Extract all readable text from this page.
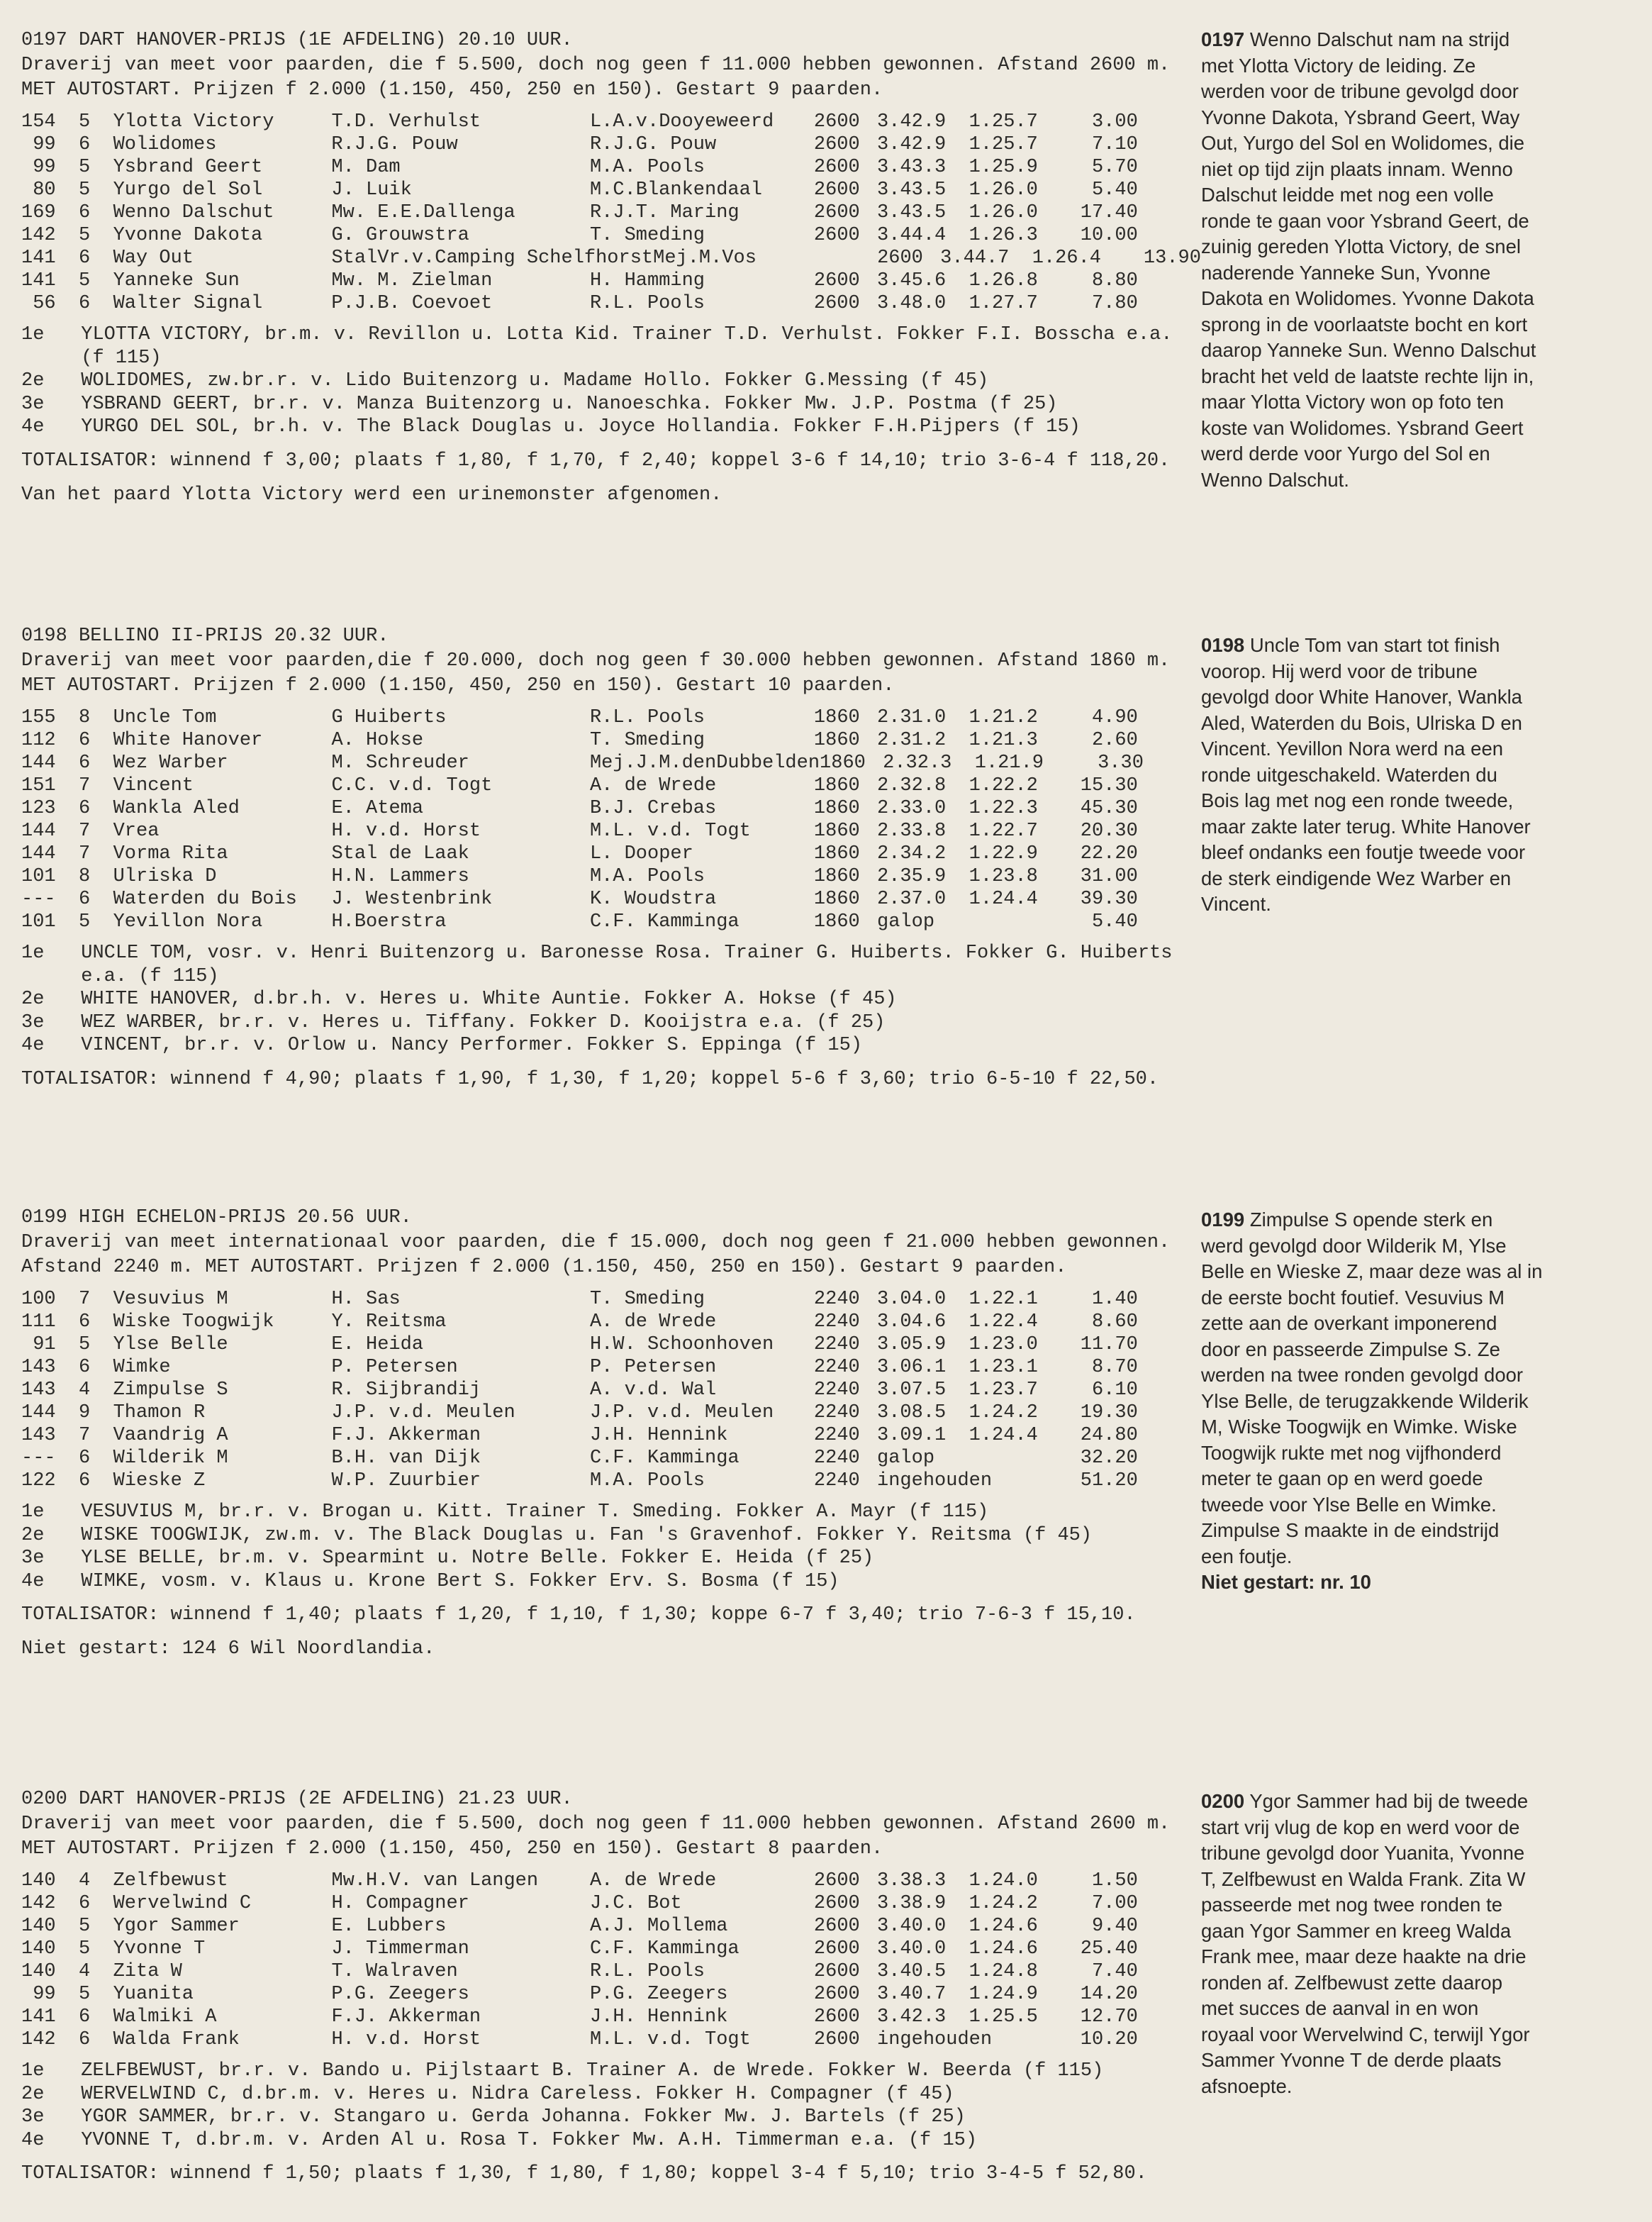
0197 DART HANOVER-PRIJS (1E AFDELING) 20.10 UUR.
Draverij van meet voor paarden, die f 5.500, doch nog geen f 11.000 hebben gewonnen. Afstand 2600 m.
MET AUTOSTART. Prijzen f 2.000 (1.150, 450, 250 en 150). Gestart 9 paarden.
154 5	Ylotta Victory	T.D. Verhulst	L.A.v.Dooyeweerd	2600 3.42.9	1.25.7	3.00
99 6	Wolidomes	R.J.G. Pouw	R.J.G. Pouw	2600 3.42.9	1.25.7	7.10
99 5	Ysbrand Geert	M. Dam	M.A. Pools	2600 3.43.3	1.25.9	5.70
80 5	Yurgo del Sol	J. Luik	M.C.Blankendaal	2600 3.43.5	1.26.0	5.40
169 6	Wenno Dalschut	Mw. E.E.Dallenga	R.J.T. Maring	2600 3.43.5	1.26.0	17.40
142 5	Yvonne Dakota	G. Grouwstra	T. Smeding	2600 3.44.4	1.26.3	10.00
141 6	Way Out	StalVr.v.Camping Schelfhorst Mej.M.Vos	2600 3.44.7	1.26.4	13.90
141 5	Yanneke Sun	Mw. M. Zielman	H. Hamming	2600 3.45.6	1.26.8	8.80
56 6	Walter Signal	P.J.B. Coevoet	R.L. Pools	2600 3.48.0	1.27.7	7.80
1e	YLOTTA VICTORY, br.m. v. Revillon u. Lotta Kid. Trainer T.D. Verhulst. Fokker F.I. Bosscha e.a.
(f 115)
2e	WOLIDOMES, zw.br.r. v. Lido Buitenzorg u. Madame Hollo. Fokker G.Messing (f 45)
3e	YSBRAND GEERT, br.r. v. Manza Buitenzorg u. Nanoeschka. Fokker Mw. J.P. Postma (f 25)
4e	YURGO DEL SOL, br.h. v. The Black Douglas u. Joyce Hollandia. Fokker F.H.Pijpers (f 15)
TOTALISATOR: winnend f 3,00; plaats f 1,80, f 1,70, f 2,40; koppel 3-6 f 14,10; trio 3-6-4 f 118,20.
Van het paard Ylotta Victory werd een urinemonster afgenomen.
0197 Wenno Dalschut nam na strijd
met Ylotta Victory de leiding. Ze
werden voor de tribune gevolgd door
Yvonne Dakota, Ysbrand Geert, Way
Out, Yurgo del Sol en Wolidomes, die
niet op tijd zijn plaats innam. Wenno
Dalschut leidde met nog een volle
ronde te gaan voor Ysbrand Geert, de
zuinig gereden Ylotta Victory, de snel
naderende Yanneke Sun, Yvonne
Dakota en Wolidomes. Yvonne Dakota
sprong in de voorlaatste bocht en kort
daarop Yanneke Sun. Wenno Dalschut
bracht het veld de laatste rechte lijn in,
maar Ylotta Victory won op foto ten
koste van Wolidomes. Ysbrand Geert
werd derde voor Yurgo del Sol en
Wenno Dalschut.
0198 BELLINO II-PRIJS 20.32 UUR.
Draverij van meet voor paarden,die f 20.000, doch nog geen f 30.000 hebben gewonnen. Afstand 1860 m.
MET AUTOSTART. Prijzen f 2.000 (1.150, 450, 250 en 150). Gestart 10 paarden.
155 8	Uncle Tom	G Huiberts	R.L. Pools	1860 2.31.0	1.21.2	4.90
112 6	White Hanover	A. Hokse	T. Smeding	1860 2.31.2	1.21.3	2.60
144 6	Wez Warber	M. Schreuder	Mej.J.M.denDubbelden 1860 2.32.3	1.21.9	3.30
151 7	Vincent	C.C. v.d. Togt	A. de Wrede	1860 2.32.8	1.22.2	15.30
123 6	Wankla Aled	E. Atema	B.J. Crebas	1860 2.33.0	1.22.3	45.30
144 7	Vrea	H. v.d. Horst	M.L. v.d. Togt	1860 2.33.8	1.22.7	20.30
144 7	Vorma Rita	Stal de Laak	L. Dooper	1860 2.34.2	1.22.9	22.20
101 8	Ulriska D	H.N. Lammers	M.A. Pools	1860 2.35.9	1.23.8	31.00
--- 6	Waterden du Bois	J. Westenbrink	K. Woudstra	1860 2.37.0	1.24.4	39.30
101 5	Yevillon Nora	H.Boerstra	C.F. Kamminga	1860 galop	5.40
1e	UNCLE TOM, vosr. v. Henri Buitenzorg u. Baronesse Rosa. Trainer G. Huiberts. Fokker G. Huiberts
e.a. (f 115)
2e	WHITE HANOVER, d.br.h. v. Heres u. White Auntie. Fokker A. Hokse (f 45)
3e	WEZ WARBER, br.r. v. Heres u. Tiffany. Fokker D. Kooijstra e.a. (f 25)
4e	VINCENT, br.r. v. Orlow u. Nancy Performer. Fokker S. Eppinga (f 15)
TOTALISATOR: winnend f 4,90; plaats f 1,90, f 1,30, f 1,20; koppel 5-6 f 3,60; trio 6-5-10 f 22,50.
0198 Uncle Tom van start tot finish
voorop. Hij werd voor de tribune
gevolgd door White Hanover, Wankla
Aled, Waterden du Bois, Ulriska D en
Vincent. Yevillon Nora werd na een
ronde uitgeschakeld. Waterden du
Bois lag met nog een ronde tweede,
maar zakte later terug. White Hanover
bleef ondanks een foutje tweede voor
de sterk eindigende Wez Warber en
Vincent.
0199 HIGH ECHELON-PRIJS 20.56 UUR.
Draverij van meet internationaal voor paarden, die f 15.000, doch nog geen f 21.000 hebben gewonnen.
Afstand 2240 m. MET AUTOSTART. Prijzen f 2.000 (1.150, 450, 250 en 150). Gestart 9 paarden.
100 7	Vesuvius M	H. Sas	T. Smeding	2240 3.04.0	1.22.1	1.40
111 6	Wiske Toogwijk	Y. Reitsma	A. de Wrede	2240 3.04.6	1.22.4	8.60
91 5	Ylse Belle	E. Heida	H.W. Schoonhoven	2240 3.05.9	1.23.0	11.70
143 6	Wimke	P. Petersen	P. Petersen	2240 3.06.1	1.23.1	8.70
143 4	Zimpulse S	R. Sijbrandij	A. v.d. Wal	2240 3.07.5	1.23.7	6.10
144 9	Thamon R	J.P. v.d. Meulen	J.P. v.d. Meulen	2240 3.08.5	1.24.2	19.30
143 7	Vaandrig A	F.J. Akkerman	J.H. Hennink	2240 3.09.1	1.24.4	24.80
--- 6	Wilderik M	B.H. van Dijk	C.F. Kamminga	2240 galop	32.20
122 6	Wieske Z	W.P. Zuurbier	M.A. Pools	2240 ingehouden	51.20
1e	VESUVIUS M, br.r. v. Brogan u. Kitt. Trainer T. Smeding. Fokker A. Mayr (f 115)
2e	WISKE TOOGWIJK, zw.m. v. The Black Douglas u. Fan 's Gravenhof. Fokker Y. Reitsma (f 45)
3e	YLSE BELLE, br.m. v. Spearmint u. Notre Belle. Fokker E. Heida (f 25)
4e	WIMKE, vosm. v. Klaus u. Krone Bert S. Fokker Erv. S. Bosma (f 15)
TOTALISATOR: winnend f 1,40; plaats f 1,20, f 1,10, f 1,30; koppe 6-7 f 3,40; trio 7-6-3 f 15,10.
Niet gestart: 124 6 Wil Noordlandia.
0199 Zimpulse S opende sterk en
werd gevolgd door Wilderik M, Ylse
Belle en Wieske Z, maar deze was al in
de eerste bocht foutief. Vesuvius M
zette aan de overkant imponerend
door en passeerde Zimpulse S. Ze
werden na twee ronden gevolgd door
Ylse Belle, de terugzakkende Wilderik
M, Wiske Toogwijk en Wimke. Wiske
Toogwijk rukte met nog vijfhonderd
meter te gaan op en werd goede
tweede voor Ylse Belle en Wimke.
Zimpulse S maakte in de eindstrijd
een foutje.
Niet gestart: nr. 10
0200 DART HANOVER-PRIJS (2E AFDELING) 21.23 UUR.
Draverij van meet voor paarden, die f 5.500, doch nog geen f 11.000 hebben gewonnen. Afstand 2600 m.
MET AUTOSTART. Prijzen f 2.000 (1.150, 450, 250 en 150). Gestart 8 paarden.
140 4	Zelfbewust	Mw.H.V. van Langen	A. de Wrede	2600 3.38.3	1.24.0	1.50
142 6	Wervelwind C	H. Compagner	J.C. Bot	2600 3.38.9	1.24.2	7.00
140 5	Ygor Sammer	E. Lubbers	A.J. Mollema	2600 3.40.0	1.24.6	9.40
140 5	Yvonne T	J. Timmerman	C.F. Kamminga	2600 3.40.0	1.24.6	25.40
140 4	Zita W	T. Walraven	R.L. Pools	2600 3.40.5	1.24.8	7.40
99 5	Yuanita	P.G. Zeegers	P.G. Zeegers	2600 3.40.7	1.24.9	14.20
141 6	Walmiki A	F.J. Akkerman	J.H. Hennink	2600 3.42.3	1.25.5	12.70
142 6	Walda Frank	H. v.d. Horst	M.L. v.d. Togt	2600 ingehouden	10.20
1e	ZELFBEWUST, br.r. v. Bando u. Pijlstaart B. Trainer A. de Wrede. Fokker W. Beerda (f 115)
2e	WERVELWIND C, d.br.m. v. Heres u. Nidra Careless. Fokker H. Compagner (f 45)
3e	YGOR SAMMER, br.r. v. Stangaro u. Gerda Johanna. Fokker Mw. J. Bartels (f 25)
4e	YVONNE T, d.br.m. v. Arden Al u. Rosa T. Fokker Mw. A.H. Timmerman e.a. (f 15)
TOTALISATOR: winnend f 1,50; plaats f 1,30, f 1,80, f 1,80; koppel 3-4 f 5,10; trio 3-4-5 f 52,80.
0200 Ygor Sammer had bij de tweede
start vrij vlug de kop en werd voor de
tribune gevolgd door Yuanita, Yvonne
T, Zelfbewust en Walda Frank. Zita W
passeerde met nog twee ronden te
gaan Ygor Sammer en kreeg Walda
Frank mee, maar deze haakte na drie
ronden af. Zelfbewust zette daarop
met succes de aanval in en won
royaal voor Wervelwind C, terwijl Ygor
Sammer Yvonne T de derde plaats
afsnoepte.
